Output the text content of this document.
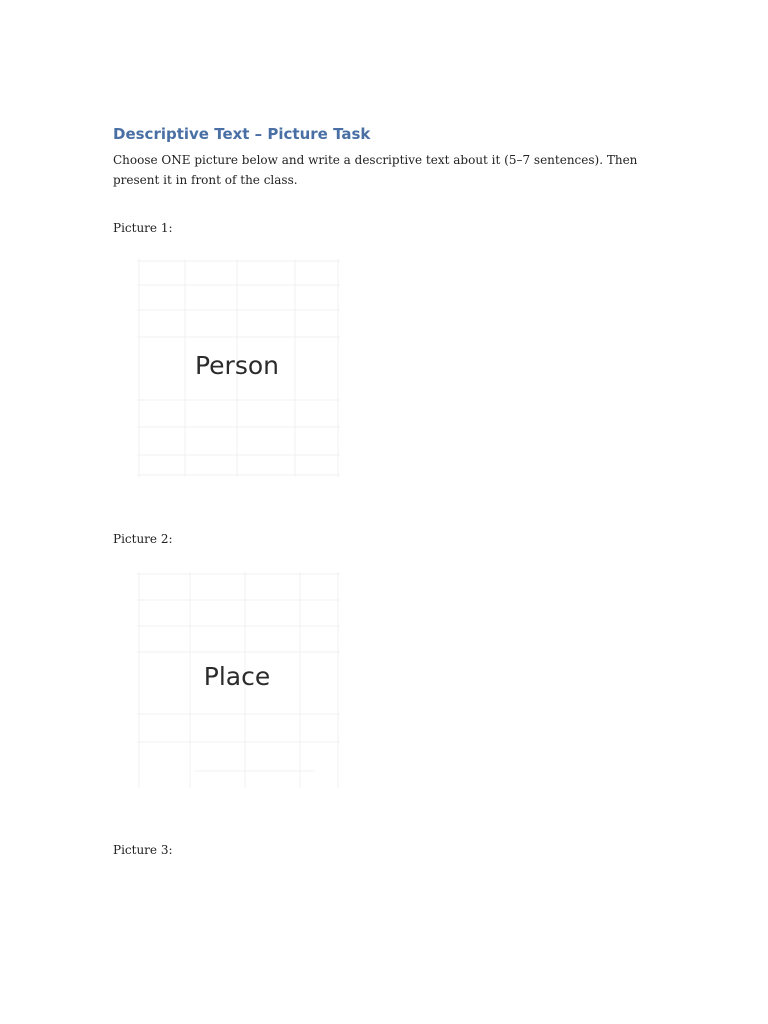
Descriptive Text – Picture Task

Choose ONE picture below and write a descriptive text about it (5–7 sentences). Then present it in front of the class.

Picture 1:

Person

Picture 2:

Place

Picture 3:
